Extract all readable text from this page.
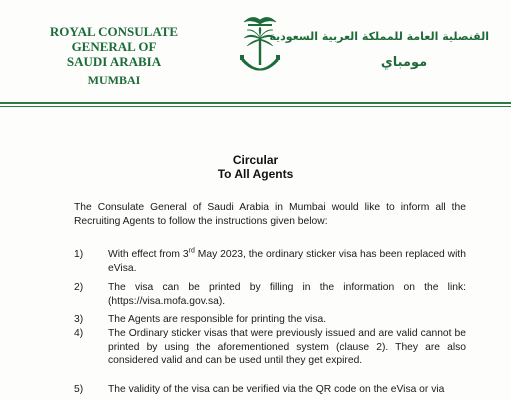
ROYAL CONSULATE GENERAL OF
SAUDI ARABIA
MUMBAI
القنصلية العامة للمملكة العربية السعودية
مومباي
Circular
To All Agents
The Consulate General of Saudi Arabia in Mumbai would like to inform all the Recruiting Agents to follow the instructions given below:
1) With effect from 3rd May 2023, the ordinary sticker visa has been replaced with eVisa.
2) The visa can be printed by filling in the information on the link: (https://visa.mofa.gov.sa).
3) The Agents are responsible for printing the visa.
4) The Ordinary sticker visas that were previously issued and are valid cannot be printed by using the aforementioned system (clause 2). They are also considered valid and can be used until they get expired.
5) The validity of the visa can be verified via the QR code on the eVisa or via
